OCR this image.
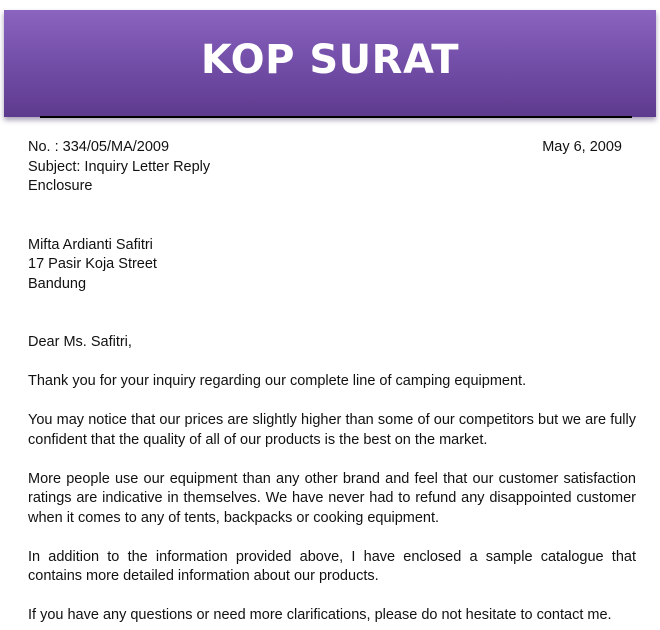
KOP SURAT
No. : 334/05/MA/2009	May 6, 2009
Subject: Inquiry Letter Reply
Enclosure
Mifta Ardianti Safitri
17 Pasir Koja Street
Bandung
Dear Ms. Safitri,

Thank you for your inquiry regarding our complete line of camping equipment.

You may notice that our prices are slightly higher than some of our competitors but we are fully confident that the quality of all of our products is the best on the market.

More people use our equipment than any other brand and feel that our customer satisfaction ratings are indicative in themselves. We have never had to refund any disappointed customer when it comes to any of tents, backpacks or cooking equipment.

In addition to the information provided above, I have enclosed a sample catalogue that contains more detailed information about our products.

If you have any questions or need more clarifications, please do not hesitate to contact me.
